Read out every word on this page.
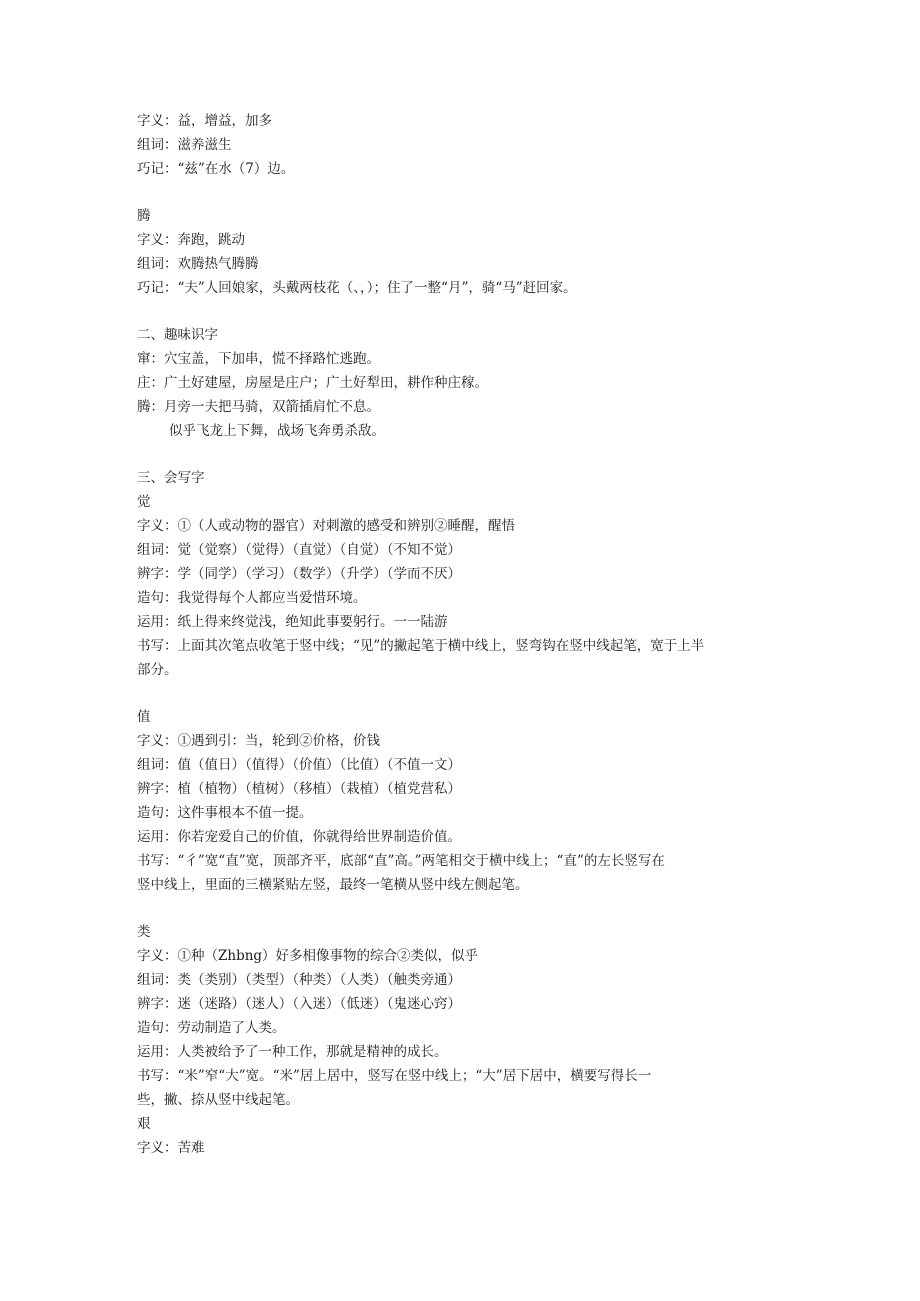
字义：益，增益，加多
组词：滋养滋生
巧记：“兹”在水（7）边。
腾
字义：奔跑，跳动
组词：欢腾热气腾腾
巧记：“夫”人回娘家，头戴两枝花（、，）；住了一整“月”，骑“马”赶回家。
二、趣味识字
窜：穴宝盖，下加串，慌不择路忙逃跑。
庄：广土好建屋，房屋是庄户；广土好犁田，耕作种庄稼。
腾：月旁一夫把马骑，双箭插肩忙不息。
似乎飞龙上下舞，战场飞奔勇杀敌。
三、会写字
觉
字义：①（人或动物的器官）对刺激的感受和辨别②睡醒，醒悟
组词：觉（觉察）（觉得）（直觉）（自觉）（不知不觉）
辨字：学（同学）（学习）（数学）（升学）（学而不厌）
造句：我觉得每个人都应当爱惜环境。
运用：纸上得来终觉浅，绝知此事要躬行。一一陆游
书写：上面其次笔点收笔于竖中线；“见”的撇起笔于横中线上，竖弯钩在竖中线起笔，宽于上半
部分。
值
字义：①遇到引：当，轮到②价格，价钱
组词：值（值日）（值得）（价值）（比值）（不值一文）
辨字：植（植物）（植树）（移植）（栽植）（植党营私）
造句：这件事根本不值一提。
运用：你若宠爱自己的价值，你就得给世界制造价值。
书写：“彳”宽“直”宽，顶部齐平，底部“直”高。”两笔相交于横中线上；“直”的左长竖写在
竖中线上，里面的三横紧贴左竖，最终一笔横从竖中线左侧起笔。
类
字义：①种（Zhbng）好多相像事物的综合②类似，似乎
组词：类（类别）（类型）（种类）（人类）（触类旁通）
辨字：迷（迷路）（迷人）（入迷）（低迷）（鬼迷心窍）
造句：劳动制造了人类。
运用：人类被给予了一种工作，那就是精神的成长。
书写：“米”窄“大”宽。“米”居上居中，竖写在竖中线上；“大”居下居中，横要写得长一
些，撇、捺从竖中线起笔。
艰
字义：苦难
